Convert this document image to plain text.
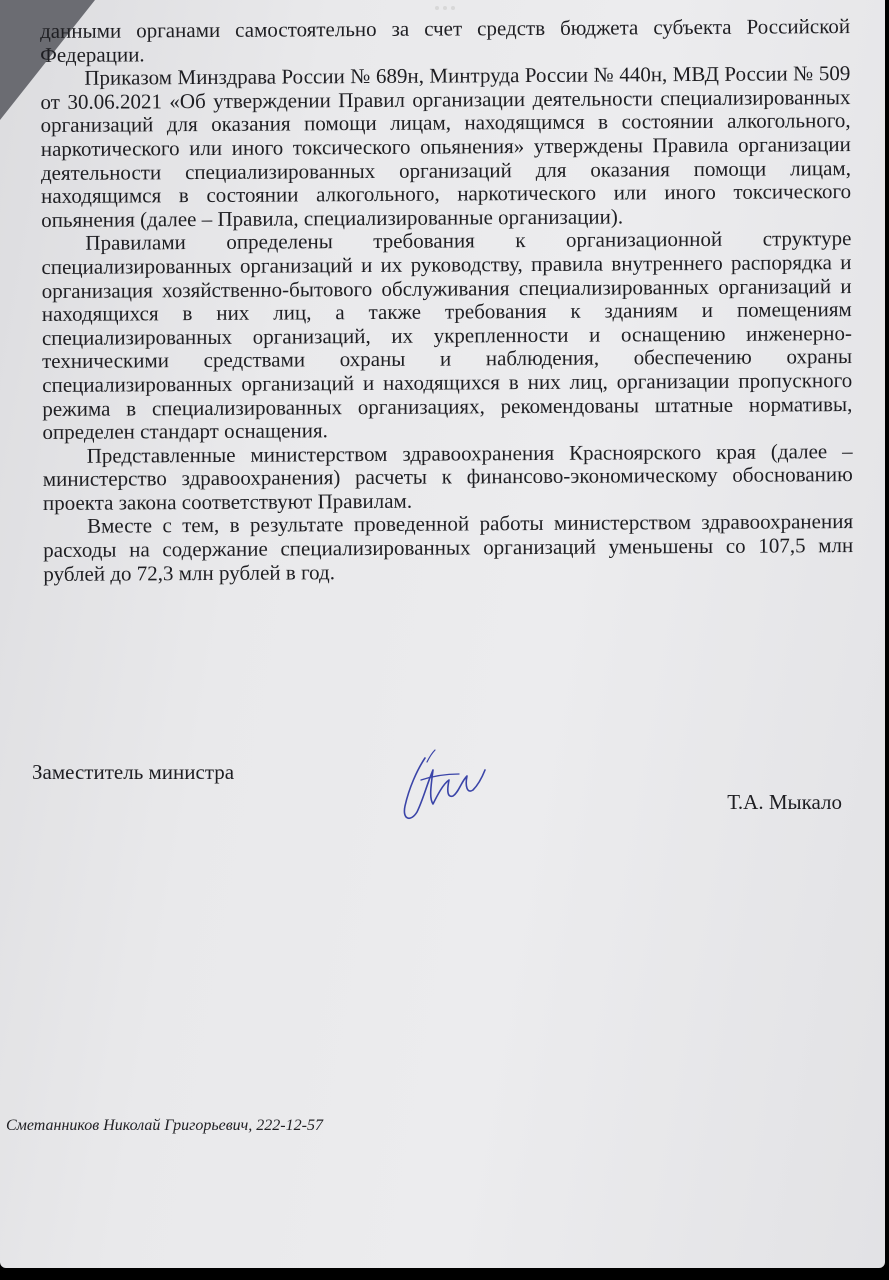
данными органами самостоятельно за счет средств бюджета субъекта Российской Федерации.

Приказом Минздрава России № 689н, Минтруда России № 440н, МВД России № 509 от 30.06.2021 «Об утверждении Правил организации деятельности специализированных организаций для оказания помощи лицам, находящимся в состоянии алкогольного, наркотического или иного токсического опьянения» утверждены Правила организации деятельности специализированных организаций для оказания помощи лицам, находящимся в состоянии алкогольного, наркотического или иного токсического опьянения (далее – Правила, специализированные организации).

Правилами определены требования к организационной структуре специализированных организаций и их руководству, правила внутреннего распорядка и организация хозяйственно-бытового обслуживания специализированных организаций и находящихся в них лиц, а также требования к зданиям и помещениям специализированных организаций, их укрепленности и оснащению инженерно-техническими средствами охраны и наблюдения, обеспечению охраны специализированных организаций и находящихся в них лиц, организации пропускного режима в специализированных организациях, рекомендованы штатные нормативы, определен стандарт оснащения.

Представленные министерством здравоохранения Красноярского края (далее – министерство здравоохранения) расчеты к финансово-экономическому обоснованию проекта закона соответствуют Правилам.

Вместе с тем, в результате проведенной работы министерством здравоохранения расходы на содержание специализированных организаций уменьшены со 107,5 млн рублей до 72,3 млн рублей в год.

Заместитель министра
Т.А. Мыкало
Сметанников Николай Григорьевич, 222-12-57
